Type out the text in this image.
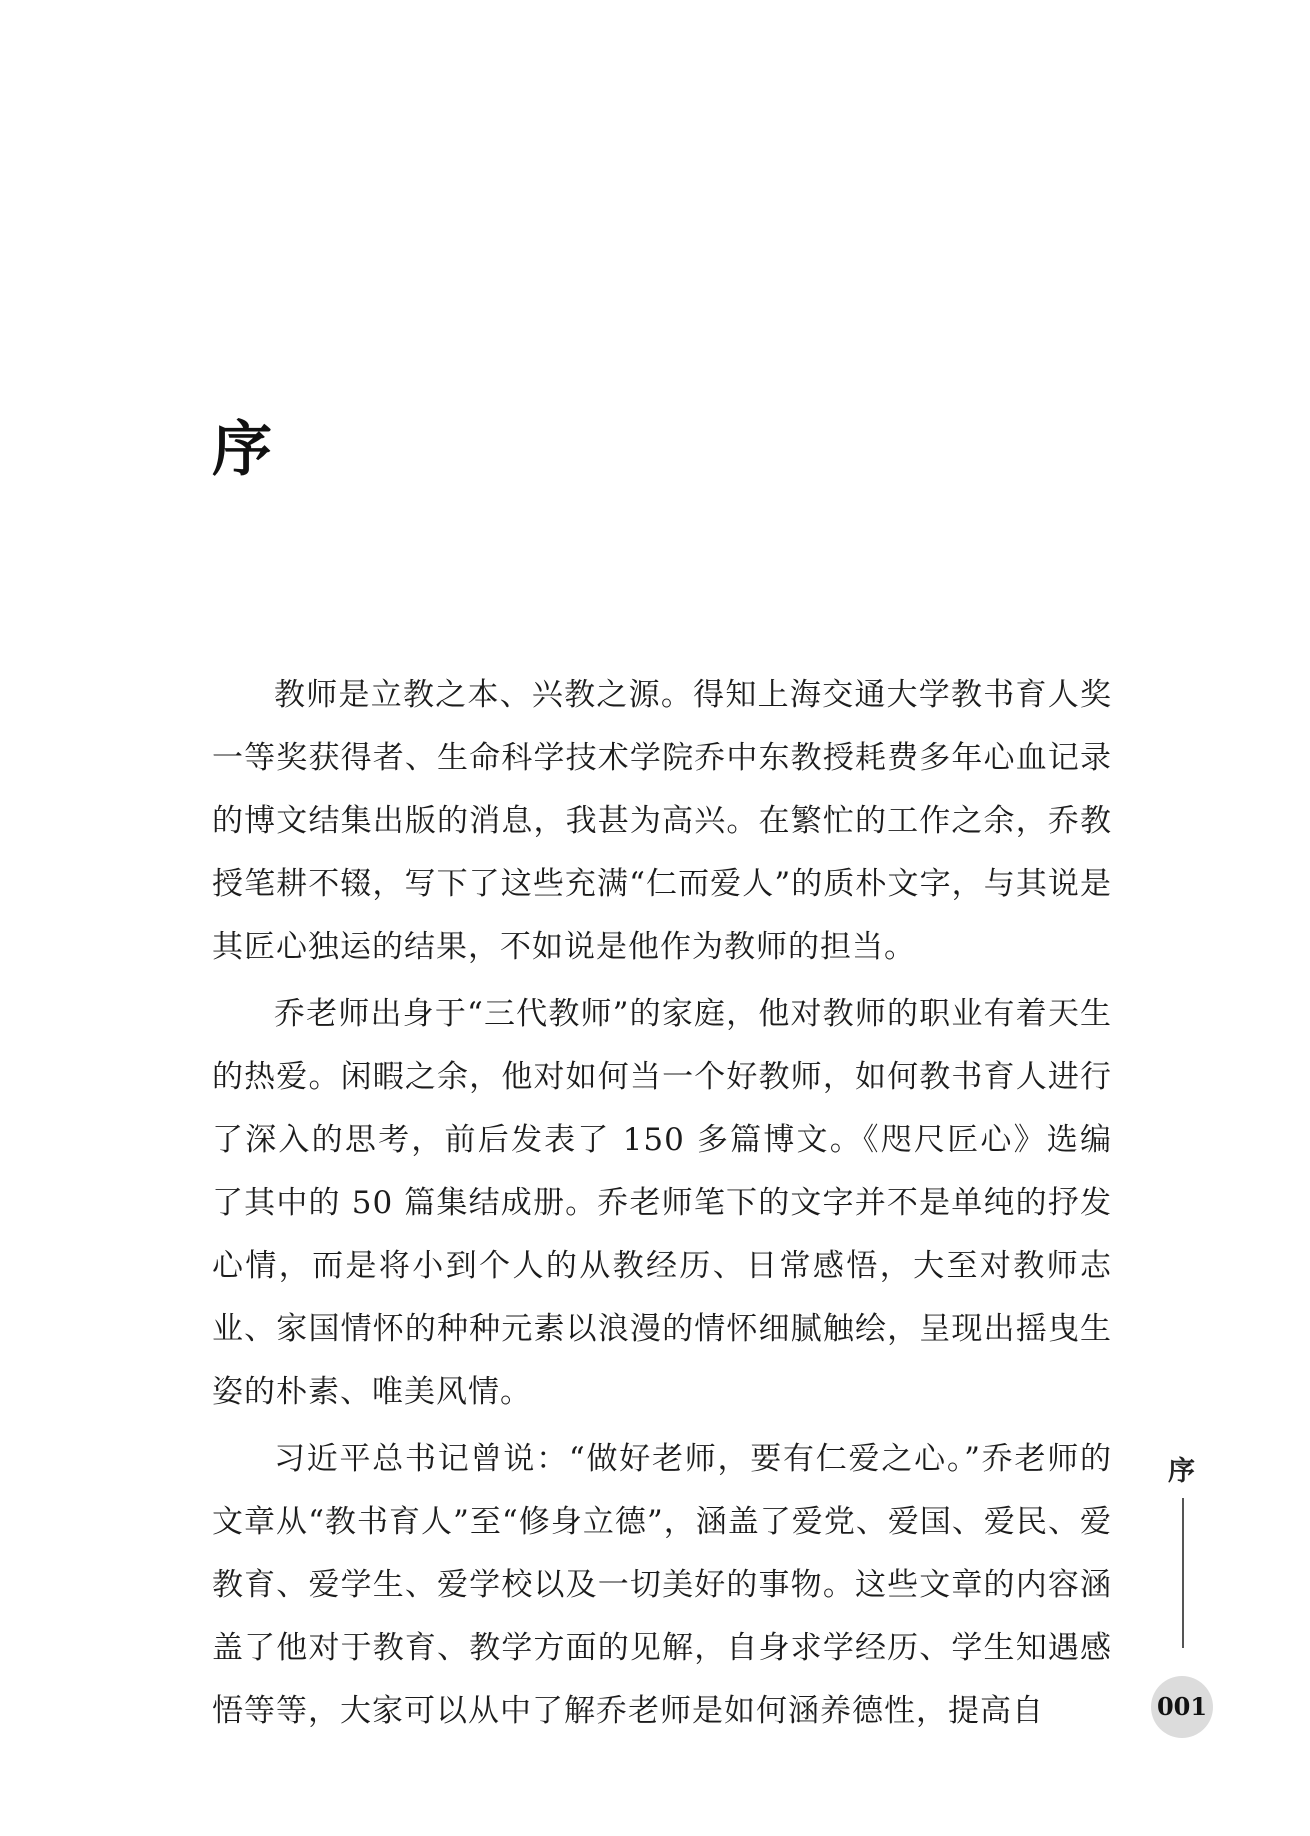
序

教师是立教之本、兴教之源。得知上海交通大学教书育人奖一等奖获得者、生命科学技术学院乔中东教授耗费多年心血记录的博文结集出版的消息，我甚为高兴。在繁忙的工作之余，乔教授笔耕不辍，写下了这些充满“仁而爱人”的质朴文字，与其说是其匠心独运的结果，不如说是他作为教师的担当。

乔老师出身于“三代教师”的家庭，他对教师的职业有着天生的热爱。闲暇之余，他对如何当一个好教师，如何教书育人进行了深入的思考，前后发表了 150 多篇博文。《咫尺匠心》选编了其中的 50 篇集结成册。乔老师笔下的文字并不是单纯的抒发心情，而是将小到个人的从教经历、日常感悟，大至对教师志业、家国情怀的种种元素以浪漫的情怀细腻触绘，呈现出摇曳生姿的朴素、唯美风情。

习近平总书记曾说：“做好老师，要有仁爱之心。”乔老师的文章从“教书育人”至“修身立德”，涵盖了爱党、爱国、爱民、爱教育、爱学生、爱学校以及一切美好的事物。这些文章的内容涵盖了他对于教育、教学方面的见解，自身求学经历、学生知遇感悟等等，大家可以从中了解乔老师是如何涵养德性，提高自

序
001
